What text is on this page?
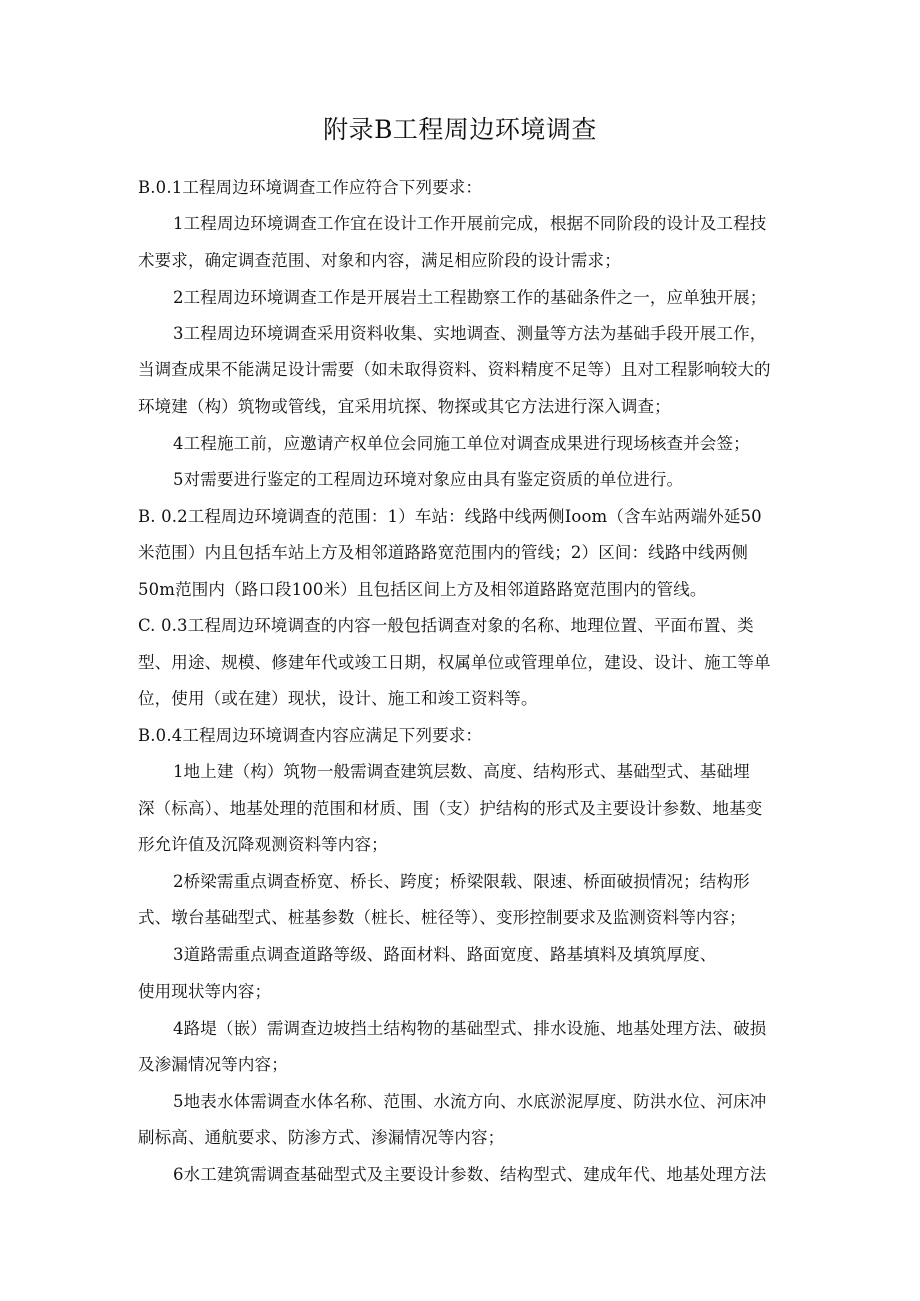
附录B工程周边环境调查
B.0.1工程周边环境调查工作应符合下列要求：
1工程周边环境调查工作宜在设计工作开展前完成，根据不同阶段的设计及工程技
术要求，确定调查范围、对象和内容，满足相应阶段的设计需求；
2工程周边环境调查工作是开展岩土工程勘察工作的基础条件之一，应单独开展；
3工程周边环境调查采用资料收集、实地调查、测量等方法为基础手段开展工作，
当调查成果不能满足设计需要（如未取得资料、资料精度不足等）且对工程影响较大的
环境建（构）筑物或管线，宜采用坑探、物探或其它方法进行深入调查；
4工程施工前，应邀请产权单位会同施工单位对调查成果进行现场核查并会签；
5对需要进行鉴定的工程周边环境对象应由具有鉴定资质的单位进行。
B. 0.2工程周边环境调查的范围：1）车站：线路中线两侧Ioom（含车站两端外延50
米范围）内且包括车站上方及相邻道路路宽范围内的管线；2）区间：线路中线两侧
50m范围内（路口段100米）且包括区间上方及相邻道路路宽范围内的管线。
C. 0.3工程周边环境调查的内容一般包括调查对象的名称、地理位置、平面布置、类
型、用途、规模、修建年代或竣工日期，权属单位或管理单位，建设、设计、施工等单
位，使用（或在建）现状，设计、施工和竣工资料等。
B.0.4工程周边环境调查内容应满足下列要求：
1地上建（构）筑物一般需调查建筑层数、高度、结构形式、基础型式、基础埋
深（标高）、地基处理的范围和材质、围（支）护结构的形式及主要设计参数、地基变
形允许值及沉降观测资料等内容；
2桥梁需重点调查桥宽、桥长、跨度；桥梁限载、限速、桥面破损情况；结构形
式、墩台基础型式、桩基参数（桩长、桩径等）、变形控制要求及监测资料等内容；
3道路需重点调查道路等级、路面材料、路面宽度、路基填料及填筑厚度、
使用现状等内容；
4路堤（嵌）需调查边坡挡土结构物的基础型式、排水设施、地基处理方法、破损
及渗漏情况等内容；
5地表水体需调查水体名称、范围、水流方向、水底淤泥厚度、防洪水位、河床冲
刷标高、通航要求、防渗方式、渗漏情况等内容；
6水工建筑需调查基础型式及主要设计参数、结构型式、建成年代、地基处理方法
